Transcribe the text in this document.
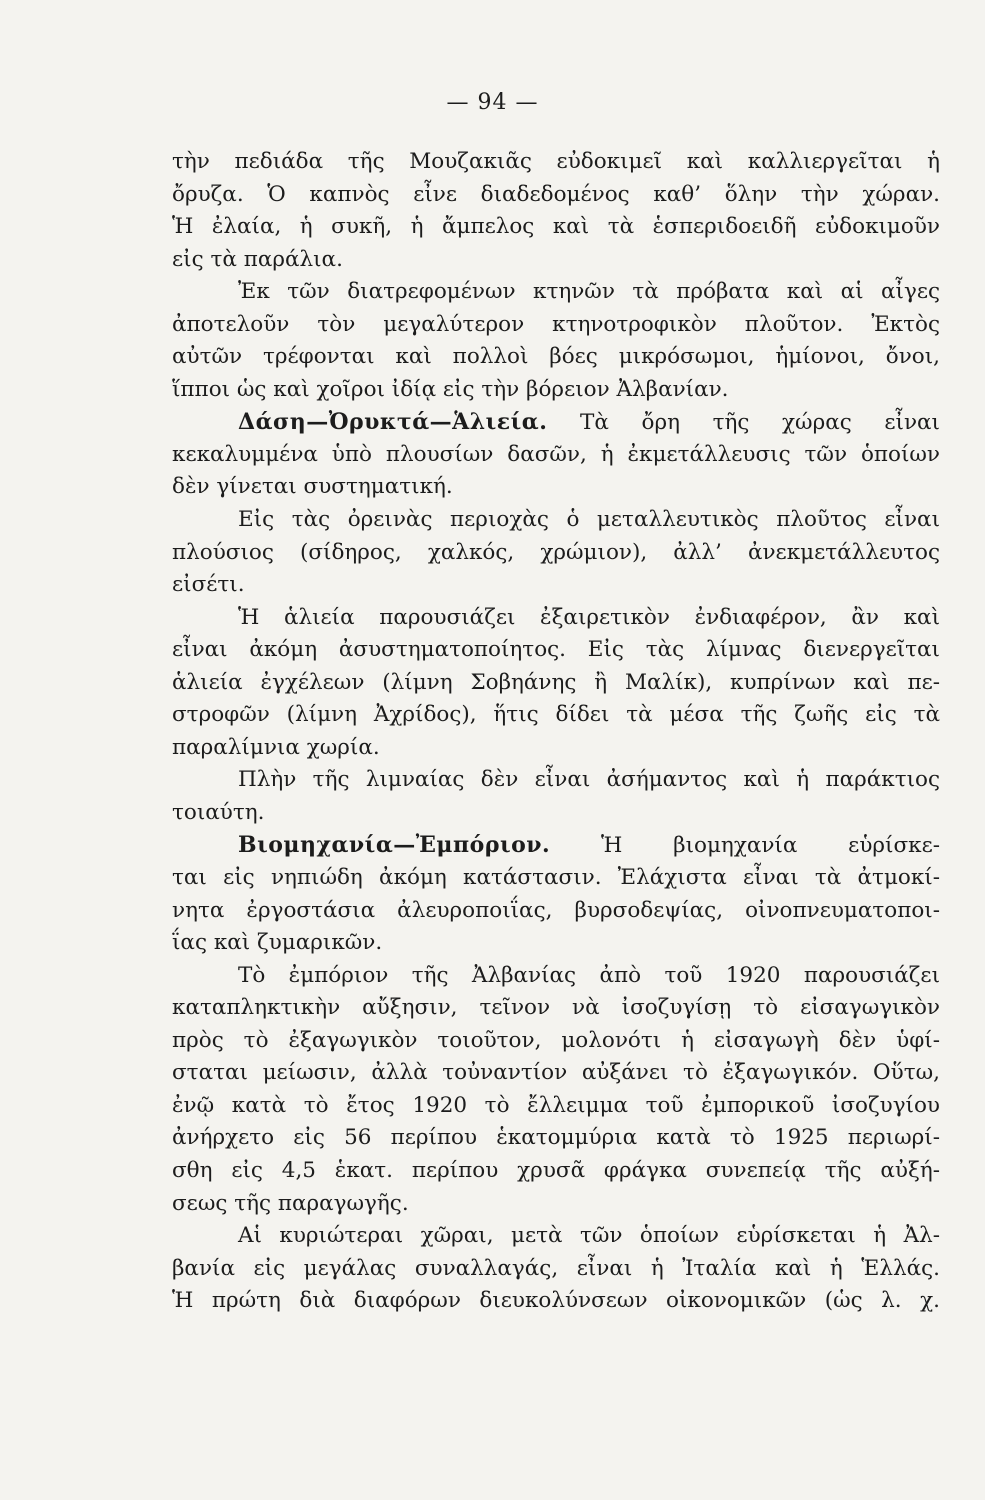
— 94 —
τὴν πεδιάδα τῆς Μουζακιᾶς εὐδοκιμεῖ καὶ καλλιεργεῖται ἡ
ὄρυζα. Ὁ καπνὸς εἶνε διαδεδομένος καθ’ ὅλην τὴν χώραν.
Ἡ ἐλαία, ἡ συκῆ, ἡ ἄμπελος καὶ τὰ ἑσπεριδοειδῆ εὐδοκιμοῦν
εἰς τὰ παράλια.
Ἐκ τῶν διατρεφομένων κτηνῶν τὰ πρόβατα καὶ αἱ αἶγες
ἀποτελοῦν τὸν μεγαλύτερον κτηνοτροφικὸν πλοῦτον. Ἐκτὸς
αὐτῶν τρέφονται καὶ πολλοὶ βόες μικρόσωμοι, ἡμίονοι, ὄνοι,
ἵπποι ὡς καὶ χοῖροι ἰδίᾳ εἰς τὴν βόρειον Ἀλβανίαν.
Δάση—Ὀρυκτά—Ἁλιεία. Τὰ ὄρη τῆς χώρας εἶναι
κεκαλυμμένα ὑπὸ πλουσίων δασῶν, ἡ ἐκμετάλλευσις τῶν ὁποίων
δὲν γίνεται συστηματική.
Εἰς τὰς ὀρεινὰς περιοχὰς ὁ μεταλλευτικὸς πλοῦτος εἶναι
πλούσιος (σίδηρος, χαλκός, χρώμιον), ἀλλ’ ἀνεκμετάλλευτος
εἰσέτι.
Ἡ ἁλιεία παρουσιάζει ἐξαιρετικὸν ἐνδιαφέρον, ἂν καὶ
εἶναι ἀκόμη ἀσυστηματοποίητος. Εἰς τὰς λίμνας διενεργεῖται
ἁλιεία ἐγχέλεων (λίμνη Σοβηάνης ἢ Μαλίκ), κυπρίνων καὶ πε-
στροφῶν (λίμνη Ἀχρίδος), ἥτις δίδει τὰ μέσα τῆς ζωῆς εἰς τὰ
παραλίμνια χωρία.
Πλὴν τῆς λιμναίας δὲν εἶναι ἀσήμαντος καὶ ἡ παράκτιος
τοιαύτη.
Βιομηχανία—Ἐμπόριον. Ἡ βιομηχανία εὑρίσκε-
ται εἰς νηπιώδη ἀκόμη κατάστασιν. Ἐλάχιστα εἶναι τὰ ἀτμοκί-
νητα ἐργοστάσια ἀλευροποιΐας, βυρσοδεψίας, οἰνοπνευματοποι-
ΐας καὶ ζυμαρικῶν.
Τὸ ἐμπόριον τῆς Ἀλβανίας ἀπὸ τοῦ 1920 παρουσιάζει
καταπληκτικὴν αὔξησιν, τεῖνον νὰ ἰσοζυγίσῃ τὸ εἰσαγωγικὸν
πρὸς τὸ ἐξαγωγικὸν τοιοῦτον, μολονότι ἡ εἰσαγωγὴ δὲν ὑφί-
σταται μείωσιν, ἀλλὰ τοὐναντίον αὐξάνει τὸ ἐξαγωγικόν. Οὕτω,
ἐνῷ κατὰ τὸ ἔτος 1920 τὸ ἔλλειμμα τοῦ ἐμπορικοῦ ἰσοζυγίου
ἀνήρχετο εἰς 56 περίπου ἑκατομμύρια κατὰ τὸ 1925 περιωρί-
σθη εἰς 4,5 ἑκατ. περίπου χρυσᾶ φράγκα συνεπείᾳ τῆς αὐξή-
σεως τῆς παραγωγῆς.
Αἱ κυριώτεραι χῶραι, μετὰ τῶν ὁποίων εὑρίσκεται ἡ Ἀλ-
βανία εἰς μεγάλας συναλλαγάς, εἶναι ἡ Ἰταλία καὶ ἡ Ἑλλάς.
Ἡ πρώτη διὰ διαφόρων διευκολύνσεων οἰκονομικῶν (ὡς λ. χ.
